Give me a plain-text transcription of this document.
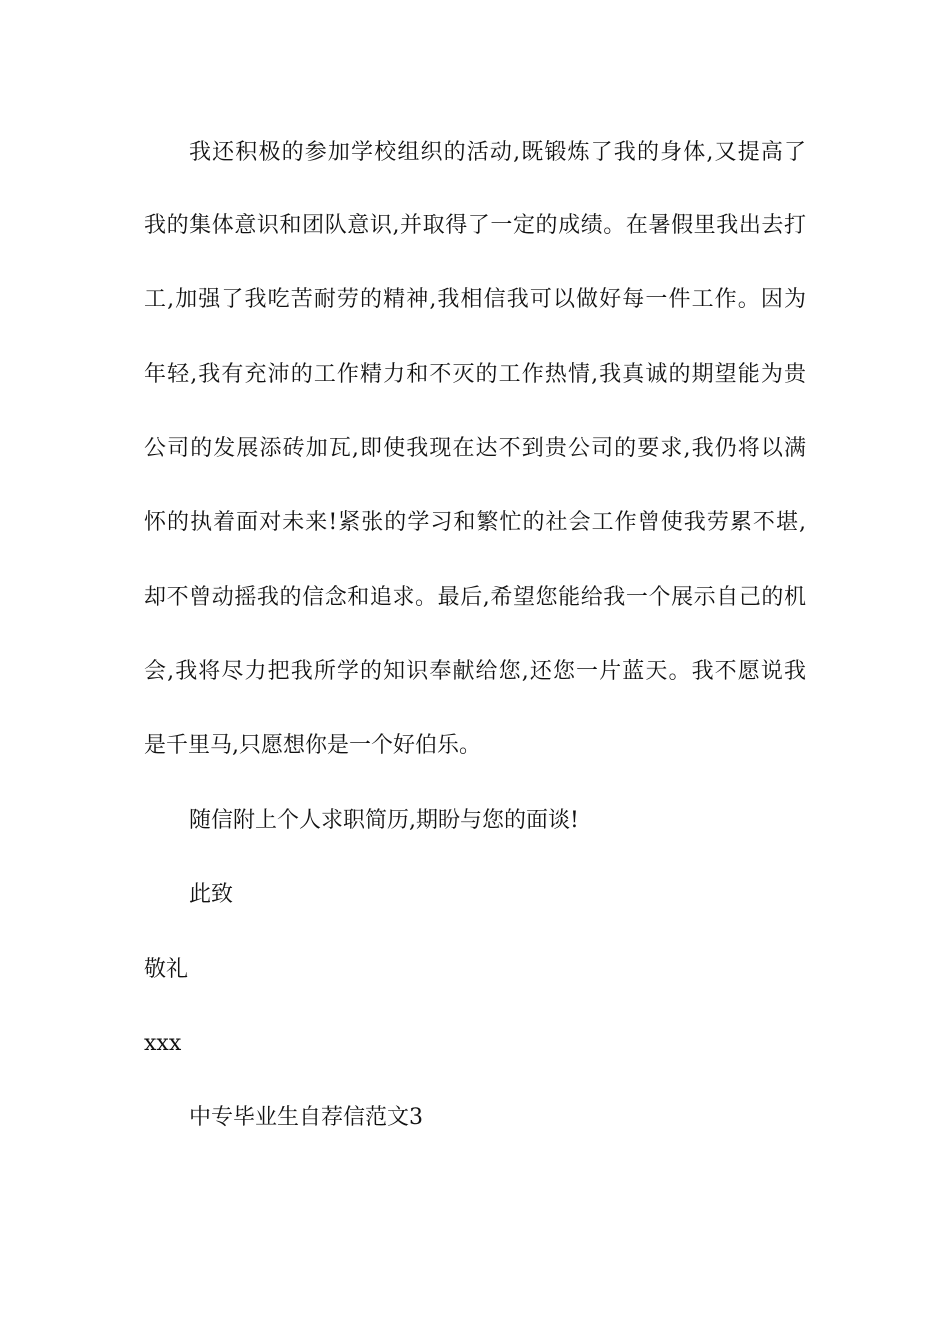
我还积极的参加学校组织的活动,既锻炼了我的身体,又提高了
我的集体意识和团队意识,并取得了一定的成绩。在暑假里我出去打
工,加强了我吃苦耐劳的精神,我相信我可以做好每一件工作。因为
年轻,我有充沛的工作精力和不灭的工作热情,我真诚的期望能为贵
公司的发展添砖加瓦,即使我现在达不到贵公司的要求,我仍将以满
怀的执着面对未来!紧张的学习和繁忙的社会工作曾使我劳累不堪,
却不曾动摇我的信念和追求。最后,希望您能给我一个展示自己的机
会,我将尽力把我所学的知识奉献给您,还您一片蓝天。我不愿说我
是千里马,只愿想你是一个好伯乐。
随信附上个人求职简历,期盼与您的面谈!
此致
敬礼
xxx
中专毕业生自荐信范文3
